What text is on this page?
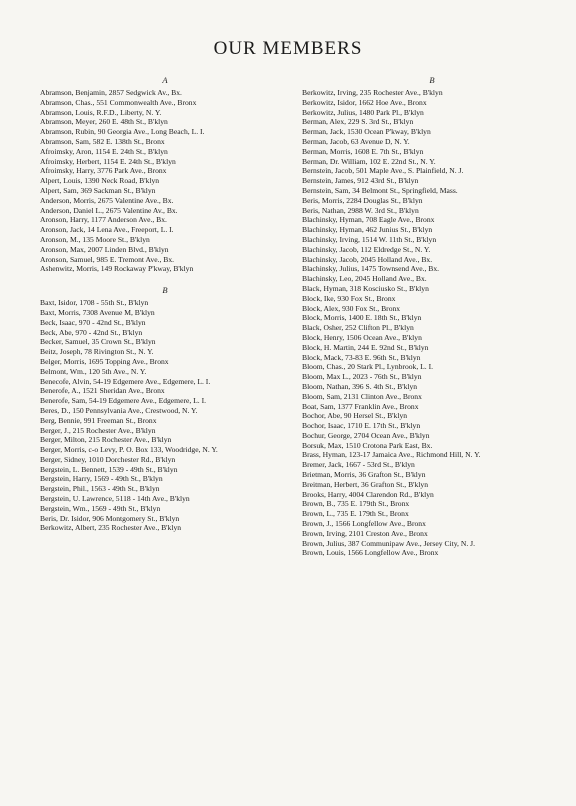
OUR MEMBERS
A
Abramson, Benjamin, 2857 Sedgwick Av., Bx.
Abramson, Chas., 551 Commonwealth Ave., Bronx
Abramson, Louis, R.F.D., Liberty, N. Y.
Abramson, Meyer, 260 E. 48th St., B'klyn
Abramson, Rubin, 90 Georgia Ave., Long Beach, L. I.
Abramson, Sam, 582 E. 138th St., Bronx
Afroimsky, Aron, 1154 E. 24th St., B'klyn
Afroimsky, Herbert, 1154 E. 24th St., B'klyn
Afroimsky, Harry, 3776 Park Ave., Bronx
Alpert, Louis, 1390 Neck Road, B'klyn
Alpert, Sam, 369 Sackman St., B'klyn
Anderson, Morris, 2675 Valentine Ave., Bx.
Anderson, Daniel L., 2675 Valentine Av., Bx.
Aronson, Harry, 1177 Anderson Ave., Bx.
Aronson, Jack, 14 Lena Ave., Freeport, L. I.
Aronson, M., 135 Moore St., B'klyn
Aronson, Max, 2007 Linden Blvd., B'klyn
Aronson, Samuel, 985 E. Tremont Ave., Bx.
Ashenwitz, Morris, 149 Rockaway P'kway, B'klyn
B
Baxt, Isidor, 1708 - 55th St., B'klyn
Baxt, Morris, 7308 Avenue M, B'klyn
Beck, Isaac, 970 - 42nd St., B'klyn
Beck, Abe, 970 - 42nd St., B'klyn
Becker, Samuel, 35 Crown St., B'klyn
Beitz, Joseph, 78 Rivington St., N. Y.
Belger, Morris, 1695 Topping Ave., Bronx
Belmont, Wm., 120 5th Ave., N. Y.
Benecofe, Alvin, 54-19 Edgemere Ave., Edgemere, L. I.
Benerofe, A., 1521 Sheridan Ave., Bronx
Benerofe, Sam, 54-19 Edgemere Ave., Edgemere, L. I.
Beres, D., 150 Pennsylvania Ave., Crestwood, N. Y.
Berg, Bennie, 991 Freeman St., Bronx
Berger, J., 215 Rochester Ave., B'klyn
Berger, Milton, 215 Rochester Ave., B'klyn
Berger, Morris, c-o Levy, P. O. Box 133, Woodridge, N. Y.
Berger, Sidney, 1010 Dorchester Rd., B'klyn
Bergstein, L. Bennett, 1539 - 49th St., B'klyn
Bergstein, Harry, 1569 - 49th St., B'klyn
Bergstein, Phil., 1563 - 49th St., B'klyn
Bergstein, U. Lawrence, 5118 - 14th Ave., B'klyn
Bergstein, Wm., 1569 - 49th St., B'klyn
Beris, Dr. Isidor, 906 Montgomery St., B'klyn
Berkowitz, Albert, 235 Rochester Ave., B'klyn
B
Berkowitz, Irving, 235 Rochester Ave., B'klyn
Berkowitz, Isidor, 1662 Hoe Ave., Bronx
Berkowitz, Julius, 1480 Park Pl., B'klyn
Berman, Alex, 229 S. 3rd St., B'klyn
Berman, Jack, 1530 Ocean P'kway, B'klyn
Berman, Jacob, 63 Avenue D, N. Y.
Berman, Morris, 1608 E. 7th St., B'klyn
Berman, Dr. William, 102 E. 22nd St., N. Y.
Bernstein, Jacob, 501 Maple Ave., S. Plainfield, N. J.
Bernstein, James, 912 43rd St., B'klyn
Bernstein, Sam, 34 Belmont St., Springfield, Mass.
Beris, Morris, 2284 Douglas St., B'klyn
Beris, Nathan, 2988 W. 3rd St., B'klyn
Blachinsky, Hyman, 708 Eagle Ave., Bronx
Blachinsky, Hyman, 462 Junius St., B'klyn
Blachinsky, Irving, 1514 W. 11th St., B'klyn
Blachinsky, Jacob, 112 Eldredge St., N. Y.
Blachinsky, Jacob, 2045 Holland Ave., Bx.
Blachinsky, Julius, 1475 Townsend Ave., Bx.
Blachinsky, Leo, 2045 Holland Ave., Bx.
Black, Hyman, 318 Kosciusko St., B'klyn
Block, Ike, 930 Fox St., Bronx
Block, Alex, 930 Fox St., Bronx
Block, Morris, 1400 E. 18th St., B'klyn
Black, Osher, 252 Clifton Pl., B'klyn
Block, Henry, 1506 Ocean Ave., B'klyn
Block, H. Martin, 244 E. 92nd St., B'klyn
Block, Mack, 73-83 E. 96th St., B'klyn
Bloom, Chas., 20 Stark Pl., Lynbrook, L. I.
Bloom, Max L., 2023 - 76th St., B'klyn
Bloom, Nathan, 396 S. 4th St., B'klyn
Bloom, Sam, 2131 Clinton Ave., Bronx
Boat, Sam, 1377 Franklin Ave., Bronx
Bochor, Abe, 90 Hersel St., B'klyn
Bochor, Isaac, 1710 E. 17th St., B'klyn
Bochur, George, 2704 Ocean Ave., B'klyn
Borsuk, Max, 1510 Crotona Park East, Bx.
Brass, Hyman, 123-17 Jamaica Ave., Richmond Hill, N. Y.
Bremer, Jack, 1667 - 53rd St., B'klyn
Brietman, Morris, 36 Grafton St., B'klyn
Breitman, Herbert, 36 Grafton St., B'klyn
Brooks, Harry, 4004 Clarendon Rd., B'klyn
Brown, B., 735 E. 179th St., Bronx
Brown, L., 735 E. 179th St., Bronx
Brown, J., 1566 Longfellow Ave., Bronx
Brown, Irving, 2101 Creston Ave., Bronx
Brown, Julius, 387 Communipaw Ave., Jersey City, N. J.
Brown, Louis, 1566 Longfellow Ave., Bronx
